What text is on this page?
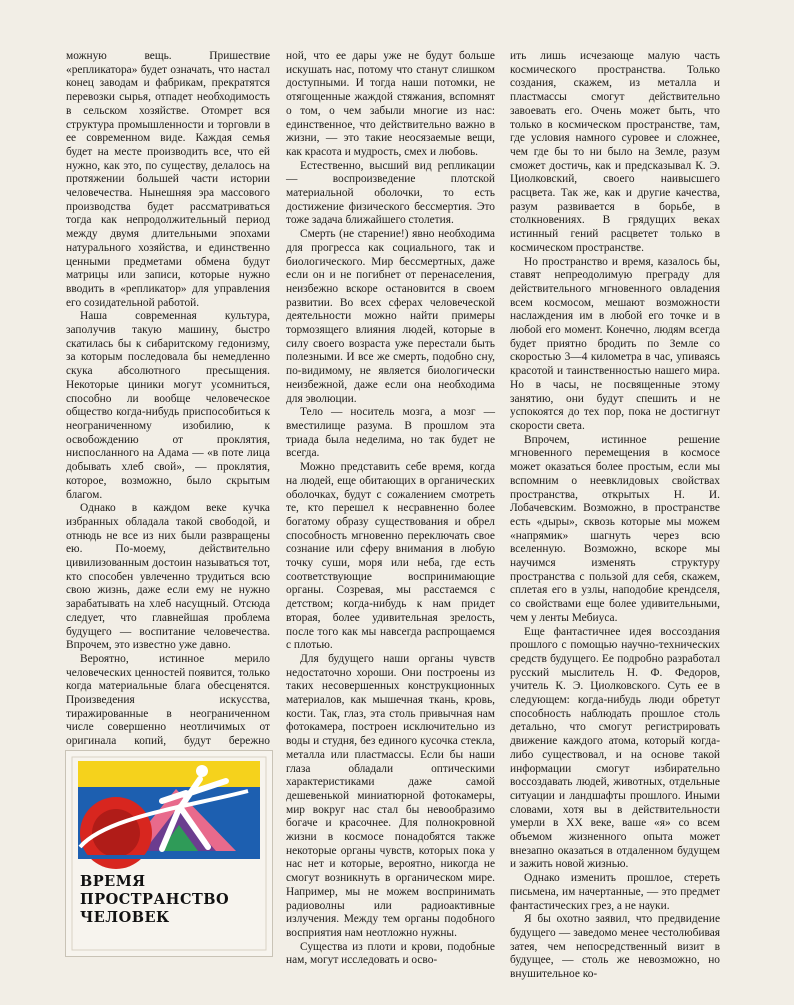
можную вещь. Пришествие «репликатора» будет означать, что настал конец заводам и фабрикам, прекратятся перевозки сырья, отпадет необходимость в сельском хозяйстве. Отомрет вся структура промышленности и торговли в ее современном виде. Каждая семья будет на месте производить все, что ей нужно, как это, по существу, делалось на протяжении большей части истории человечества. Нынешняя эра массового производства будет рассматриваться тогда как непродолжительный период между двумя длительными эпохами натурального хозяйства, и единственно ценными предметами обмена будут матрицы или записи, которые нужно вводить в «репликатор» для управления его созидательной работой.

Наша современная культура, заполучив такую машину, быстро скатилась бы к сибаритскому гедонизму, за которым последовала бы немедленно скука абсолютного пресыщения. Некоторые циники могут усомниться, способно ли вообще человеческое общество когда-нибудь приспособиться к неограниченному изобилию, к освобождению от проклятия, ниспосланного на Адама — «в поте лица добывать хлеб свой», — проклятия, которое, возможно, было скрытым благом.

Однако в каждом веке кучка избранных обладала такой свободой, и отнюдь не все из них были развращены ею. По-моему, действительно цивилизованным достоин называться тот, кто способен увлеченно трудиться всю свою жизнь, даже если ему не нужно зарабатывать на хлеб насущный. Отсюда следует, что главнейшая проблема будущего — воспитание человечества. Впрочем, это известно уже давно.

Вероятно, истинное мерило человеческих ценностей появится, только когда материальные блага обесценятся. Произведения искусства, тиражированные в неограниченном числе совершенно неотличимых от оригинала копий, будут бережно

ной, что ее дары уже не будут больше искушать нас, потому что станут слишком доступными. И тогда наши потомки, не отягощенные жаждой стяжания, вспомнят о том, о чем забыли многие из нас: единственное, что действительно важно в жизни, — это такие неосязаемые вещи, как красота и мудрость, смех и любовь.

Естественно, высший вид репликации — воспроизведение плотской материальной оболочки, то есть достижение физического бессмертия. Это тоже задача ближайшего столетия.

Смерть (не старение!) явно необходима для прогресса как социального, так и биологического. Мир бессмертных, даже если он и не погибнет от перенаселения, неизбежно вскоре остановится в своем развитии. Во всех сферах человеческой деятельности можно найти примеры тормозящего влияния людей, которые в силу своего возраста уже перестали быть полезными. И все же смерть, подобно сну, по-видимому, не является биологически неизбежной, даже если она необходима для эволюции.

Тело — носитель мозга, а мозг — вместилище разума. В прошлом эта триада была неделима, но так будет не всегда.

Можно представить себе время, когда на людей, еще обитающих в органических оболочках, будут с сожалением смотреть те, кто перешел к несравненно более богатому образу существования и обрел способность мгновенно переключать свое сознание или сферу внимания в любую точку суши, моря или неба, где есть соответствующие воспринимающие органы. Созревая, мы расстаемся с детством; когда-нибудь к нам придет вторая, более удивительная зрелость, после того как мы навсегда распрощаемся с плотью.

Для будущего наши органы чувств недостаточно хороши. Они построены из таких несовершенных конструкционных материалов, как мышечная ткань, кровь, кости. Так, глаз, эта столь привычная нам фотокамера, построен исключительно из воды и студня, без единого кусочка стекла, металла или пластмассы. Если бы наши глаза обладали оптическими характеристиками даже самой дешевенькой миниатюрной фотокамеры, мир вокруг нас стал бы невообразимо богаче и красочнее. Для полнокровной жизни в космосе понадобятся также некоторые органы чувств, которых пока у нас нет и которые, вероятно, никогда не смогут возникнуть в органическом мире. Например, мы не можем воспринимать радиоволны или радиоактивные излучения. Между тем органы подобного восприятия нам неотложно нужны.

Существа из плоти и крови, подобные нам, могут исследовать и осво-

ить лишь исчезающе малую часть космического пространства. Только создания, скажем, из металла и пластмассы смогут действительно завоевать его. Очень может быть, что только в космическом пространстве, там, где условия намного суровее и сложнее, чем где бы то ни было на Земле, разум сможет достичь, как и предсказывал К. Э. Циолковский, своего наивысшего расцвета. Так же, как и другие качества, разум развивается в борьбе, в столкновениях. В грядущих веках истинный гений расцветет только в космическом пространстве.

Но пространство и время, казалось бы, ставят непреодолимую преграду для действительного мгновенного овладения всем космосом, мешают возможности наслаждения им в любой его точке и в любой его момент. Конечно, людям всегда будет приятно бродить по Земле со скоростью 3—4 километра в час, упиваясь красотой и таинственностью нашего мира. Но в часы, не посвященные этому занятию, они будут спешить и не успокоятся до тех пор, пока не достигнут скорости света.

Впрочем, истинное решение мгновенного перемещения в космосе может оказаться более простым, если мы вспомним о неевклидовых свойствах пространства, открытых Н. И. Лобачевским. Возможно, в пространстве есть «дыры», сквозь которые мы можем «напрямик» шагнуть через всю вселенную. Возможно, вскоре мы научимся изменять структуру пространства с пользой для себя, скажем, сплетая его в узлы, наподобие крендселя, со свойствами еще более удивительными, чем у ленты Мебиуса.

Еще фантастичнее идея воссоздания прошлого с помощью научно-технических средств будущего. Ее подробно разработал русский мыслитель Н. Ф. Федоров, учитель К. Э. Циолковского. Суть ее в следующем: когда-нибудь люди обретут способность наблюдать прошлое столь детально, что смогут регистрировать движение каждого атома, который когда-либо существовал, и на основе такой информации смогут избирательно воссоздавать людей, животных, отдельные ситуации и ландшафты прошлого. Иными словами, хотя вы в действительности умерли в XX веке, ваше «я» со всем объемом жизненного опыта может внезапно оказаться в отдаленном будущем и зажить новой жизнью.

Однако изменить прошлое, стереть письмена, им начертанные, — это предмет фантастических грез, а не науки.

Я бы охотно заявил, что предвидение будущего — заведомо менее честолюбивая затея, чем непосредственный визит в будущее, — столь же невозможно, но внушительное ко-

ВРЕМЯ
ПРОСТРАНСТВО
ЧЕЛОВЕК
